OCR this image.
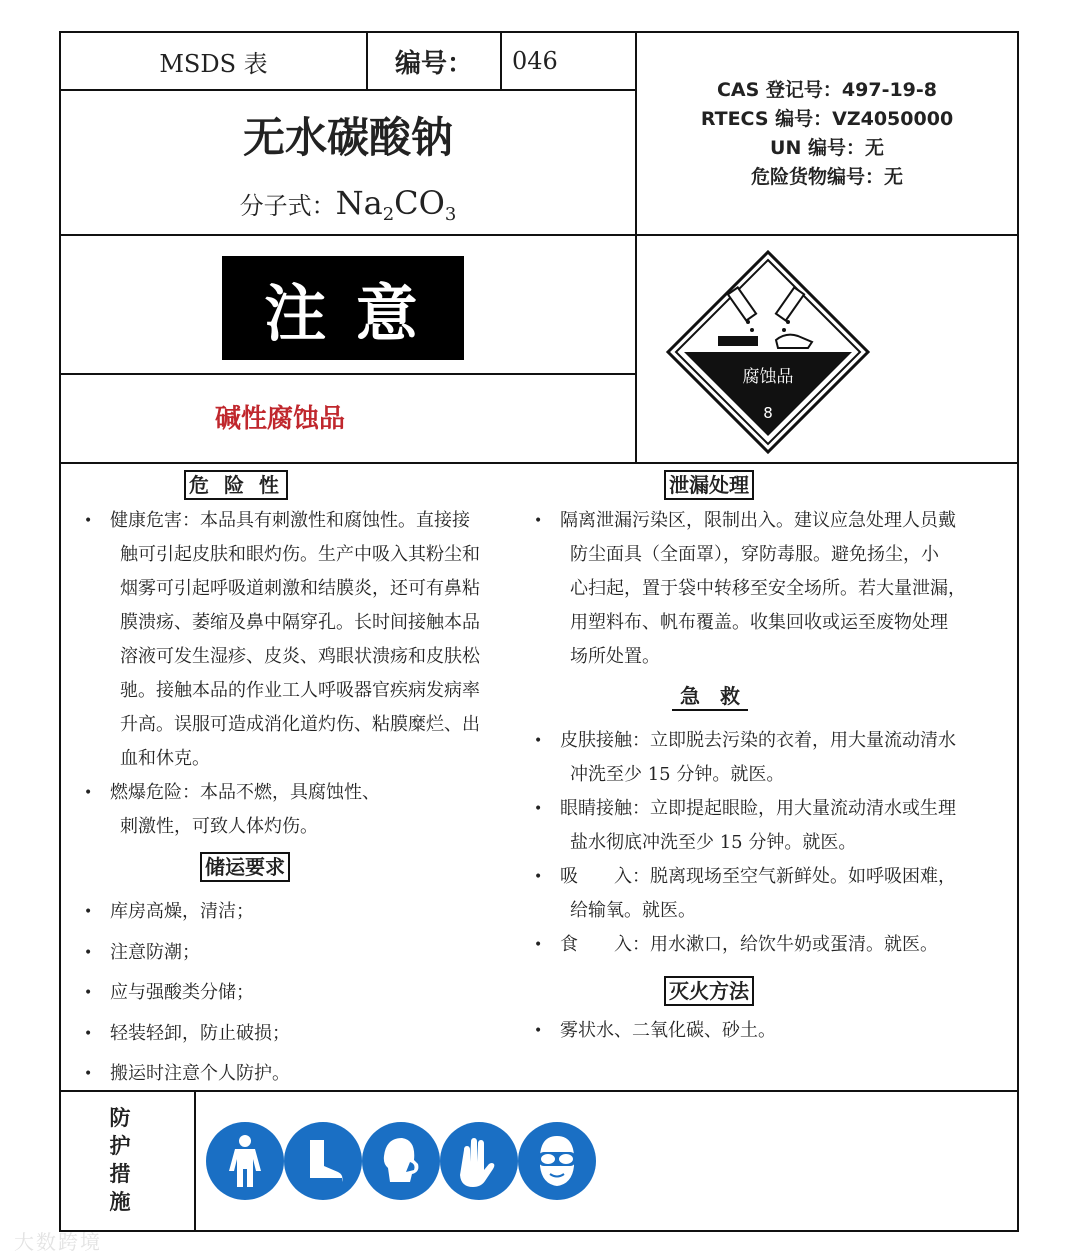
MSDS 表	编号：	046
无水碳酸钠
分子式：$Na_2CO_3$
CAS 登记号：497-19-8
RTECS 编号：VZ4050000
UN 编号：无
危险货物编号：无
注 意
碱性腐蚀品
腐蚀品
8
危 险 性
• 健康危害：本品具有刺激性和腐蚀性。直接接
触可引起皮肤和眼灼伤。生产中吸入其粉尘和
烟雾可引起呼吸道刺激和结膜炎，还可有鼻粘
膜溃疡、萎缩及鼻中隔穿孔。长时间接触本品
溶液可发生湿疹、皮炎、鸡眼状溃疡和皮肤松
驰。接触本品的作业工人呼吸器官疾病发病率
升高。误服可造成消化道灼伤、粘膜糜烂、出
血和休克。
• 燃爆危险：本品不燃，具腐蚀性、
刺激性，可致人体灼伤。
储运要求
• 库房高燥，清洁；
• 注意防潮；
• 应与强酸类分储；
• 轻装轻卸，防止破损；
• 搬运时注意个人防护。
泄漏处理
• 隔离泄漏污染区，限制出入。建议应急处理人员戴
防尘面具（全面罩），穿防毒服。避免扬尘，小
心扫起，置于袋中转移至安全场所。若大量泄漏，
用塑料布、帆布覆盖。收集回收或运至废物处理
场所处置。
急　救
• 皮肤接触：立即脱去污染的衣着，用大量流动清水
冲洗至少 15 分钟。就医。
• 眼睛接触：立即提起眼睑，用大量流动清水或生理
盐水彻底冲洗至少 15 分钟。就医。
• 吸　　入：脱离现场至空气新鲜处。如呼吸困难，
给输氧。就医。
• 食　　入：用水漱口，给饮牛奶或蛋清。就医。
灭火方法
• 雾状水、二氧化碳、砂土。
防
护
措
施
大数跨境
